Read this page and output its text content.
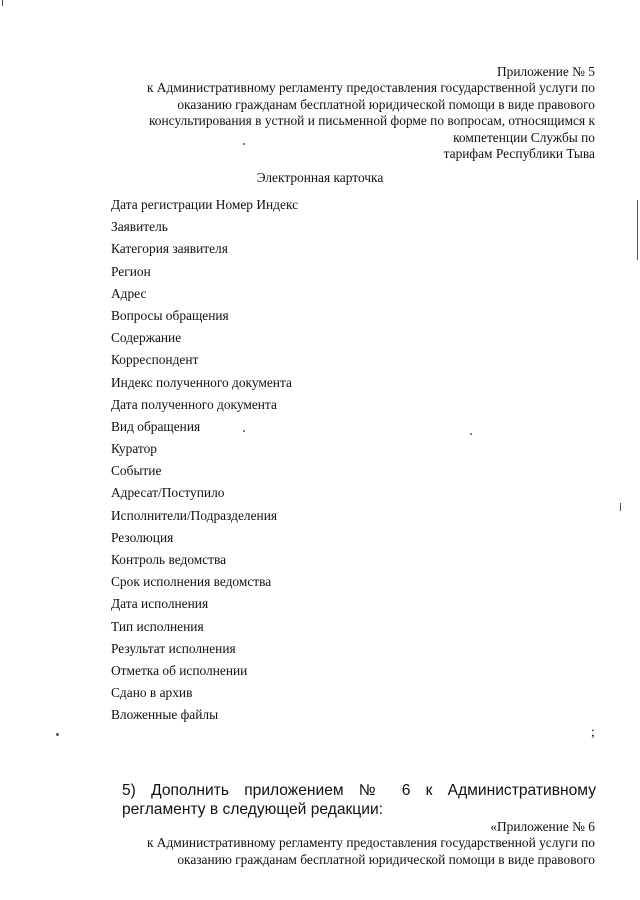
Приложение № 5
к Административному регламенту предоставления государственной услуги по
оказанию гражданам бесплатной юридической помощи в виде правового
консультирования в устной и письменной форме по вопросам, относящимся к
компетенции Службы по
тарифам Республики Тыва
Электронная карточка
Дата регистрации Номер Индекс
Заявитель
Категория заявителя
Регион
Адрес
Вопросы обращения
Содержание
Корреспондент
Индекс полученного документа
Дата полученного документа
Вид обращения
Куратор
Событие
Адресат/Поступило
Исполнители/Подразделения
Резолюция
Контроль ведомства
Срок исполнения ведомства
Дата исполнения
Тип исполнения
Результат исполнения
Отметка об исполнении
Сдано в архив
Вложенные файлы
;
5) Дополнить приложением № 6 к Административному регламенту в следующей редакции:
«Приложение № 6
к Административному регламенту предоставления государственной услуги по
оказанию гражданам бесплатной юридической помощи в виде правового
